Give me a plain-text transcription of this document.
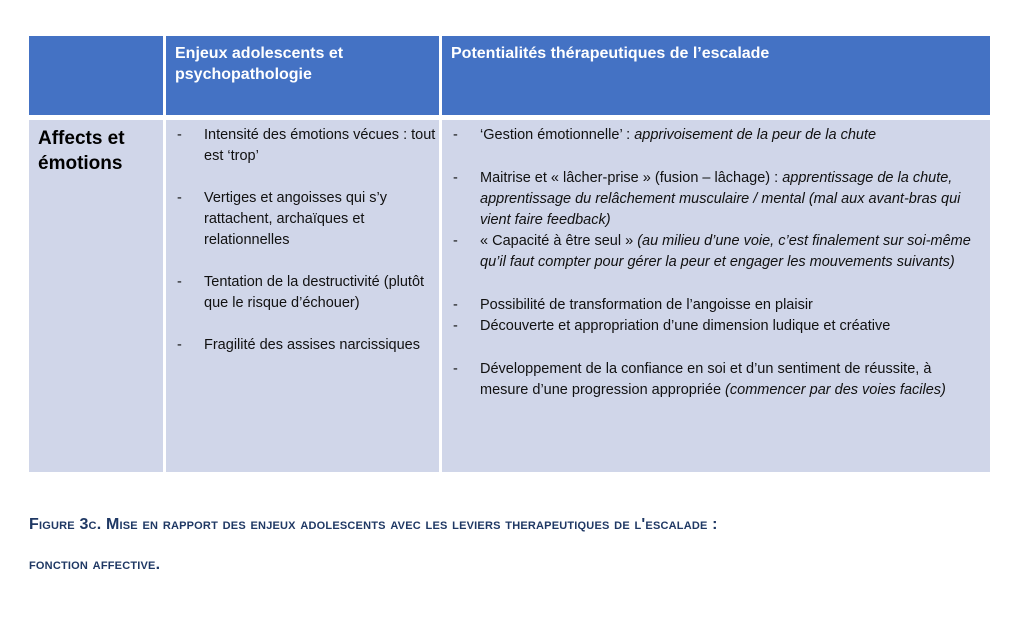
Enjeux adolescents et psychopathologie
Potentialités thérapeutiques de l’escalade
Affects et émotions
- Intensité des émotions vécues : tout est ‘trop’
- Vertiges et angoisses qui s’y rattachent, archaïques et relationnelles
- Tentation de la destructivité (plutôt que le risque d’échouer)
- Fragilité des assises narcissiques
- ‘Gestion émotionnelle’ : apprivoisement de la peur de la chute
- Maitrise et « lâcher-prise » (fusion – lâchage) : apprentissage de la chute, apprentissage du relâchement musculaire / mental (mal aux avant-bras qui vient faire feedback)
- « Capacité à être seul » (au milieu d’une voie, c’est finalement sur soi-même qu’il faut compter pour gérer la peur et engager les mouvements suivants)
- Possibilité de transformation de l’angoisse en plaisir
- Découverte et appropriation d’une dimension ludique et créative
- Développement de la confiance en soi et d’un sentiment de réussite, à mesure d’une progression appropriée (commencer par des voies faciles)
Figure 3c. Mise en rapport des enjeux adolescents avec les leviers therapeutiques de l'escalade :
fonction affective.
